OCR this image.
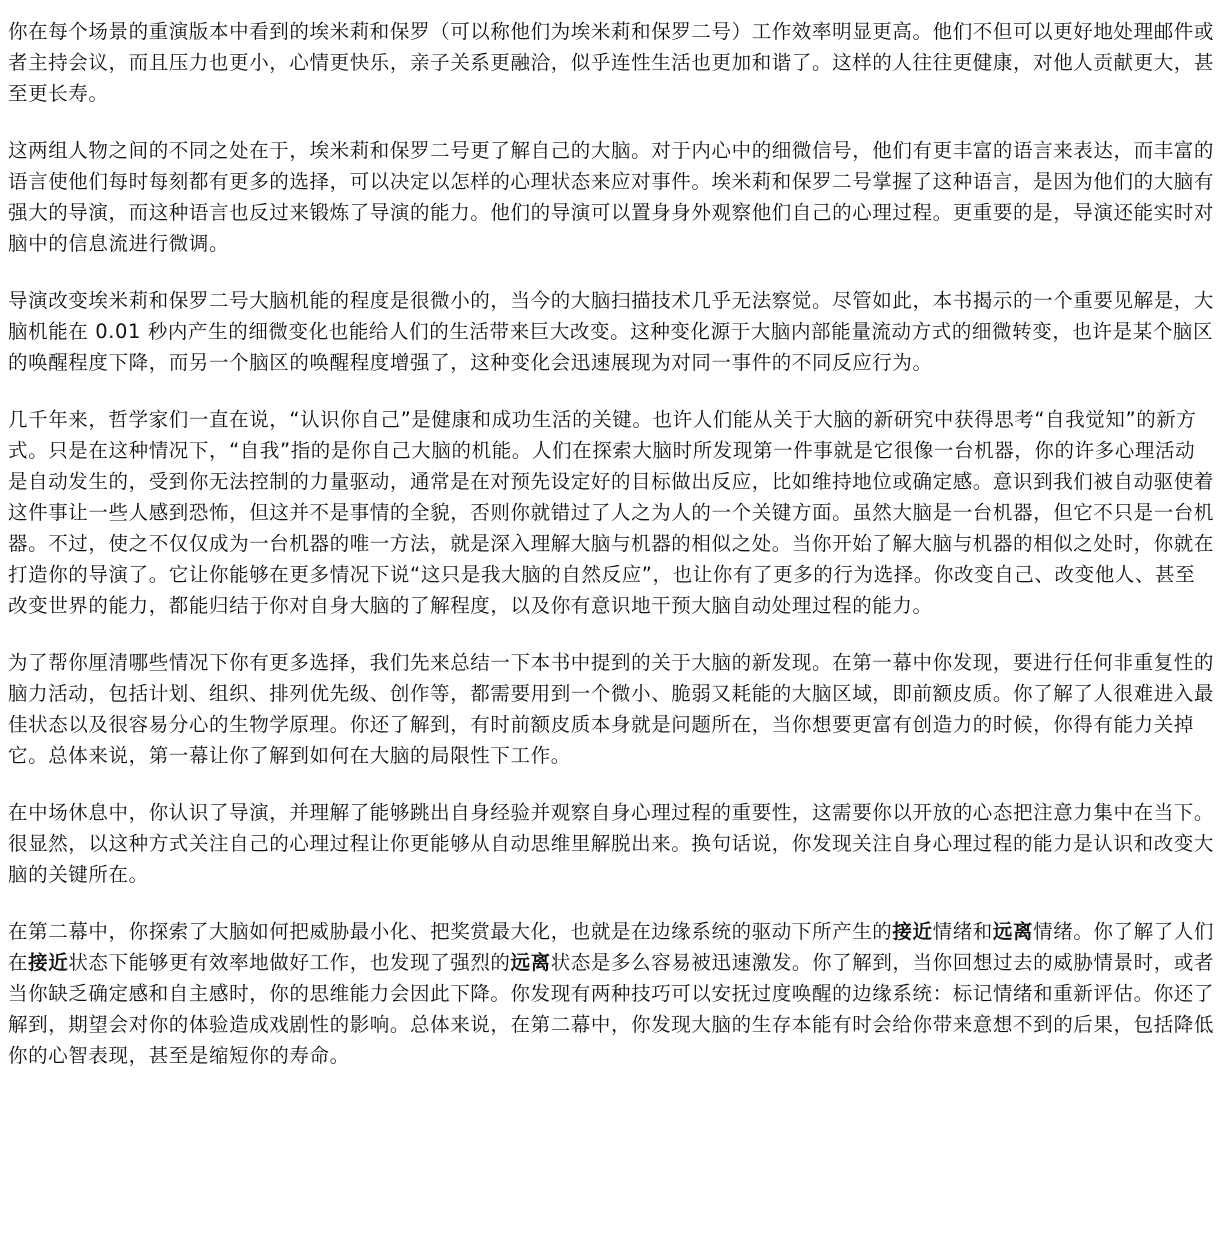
你在每个场景的重演版本中看到的埃米莉和保罗（可以称他们为埃米莉和保罗二号）工作效率明显更高。他们不但可以更好地处理邮件或者主持会议，而且压力也更小，心情更快乐，亲子关系更融洽，似乎连性生活也更加和谐了。这样的人往往更健康，对他人贡献更大，甚至更长寿。

这两组人物之间的不同之处在于，埃米莉和保罗二号更了解自己的大脑。对于内心中的细微信号，他们有更丰富的语言来表达，而丰富的语言使他们每时每刻都有更多的选择，可以决定以怎样的心理状态来应对事件。埃米莉和保罗二号掌握了这种语言，是因为他们的大脑有强大的导演，而这种语言也反过来锻炼了导演的能力。他们的导演可以置身身外观察他们自己的心理过程。更重要的是，导演还能实时对脑中的信息流进行微调。

导演改变埃米莉和保罗二号大脑机能的程度是很微小的，当今的大脑扫描技术几乎无法察觉。尽管如此，本书揭示的一个重要见解是，大脑机能在 0.01 秒内产生的细微变化也能给人们的生活带来巨大改变。这种变化源于大脑内部能量流动方式的细微转变，也许是某个脑区的唤醒程度下降，而另一个脑区的唤醒程度增强了，这种变化会迅速展现为对同一事件的不同反应行为。

几千年来，哲学家们一直在说，“认识你自己”是健康和成功生活的关键。也许人们能从关于大脑的新研究中获得思考“自我觉知”的新方式。只是在这种情况下，“自我”指的是你自己大脑的机能。人们在探索大脑时所发现第一件事就是它很像一台机器，你的许多心理活动是自动发生的，受到你无法控制的力量驱动，通常是在对预先设定好的目标做出反应，比如维持地位或确定感。意识到我们被自动驱使着这件事让一些人感到恐怖，但这并不是事情的全貌，否则你就错过了人之为人的一个关键方面。虽然大脑是一台机器，但它不只是一台机器。不过，使之不仅仅成为一台机器的唯一方法，就是深入理解大脑与机器的相似之处。当你开始了解大脑与机器的相似之处时，你就在打造你的导演了。它让你能够在更多情况下说“这只是我大脑的自然反应”，也让你有了更多的行为选择。你改变自己、改变他人、甚至改变世界的能力，都能归结于你对自身大脑的了解程度，以及你有意识地干预大脑自动处理过程的能力。

为了帮你厘清哪些情况下你有更多选择，我们先来总结一下本书中提到的关于大脑的新发现。在第一幕中你发现，要进行任何非重复性的脑力活动，包括计划、组织、排列优先级、创作等，都需要用到一个微小、脆弱又耗能的大脑区域，即前额皮质。你了解了人很难进入最佳状态以及很容易分心的生物学原理。你还了解到，有时前额皮质本身就是问题所在，当你想要更富有创造力的时候，你得有能力关掉它。总体来说，第一幕让你了解到如何在大脑的局限性下工作。

在中场休息中，你认识了导演，并理解了能够跳出自身经验并观察自身心理过程的重要性，这需要你以开放的心态把注意力集中在当下。很显然，以这种方式关注自己的心理过程让你更能够从自动思维里解脱出来。换句话说，你发现关注自身心理过程的能力是认识和改变大脑的关键所在。

在第二幕中，你探索了大脑如何把威胁最小化、把奖赏最大化，也就是在边缘系统的驱动下所产生的接近情绪和远离情绪。你了解了人们在接近状态下能够更有效率地做好工作，也发现了强烈的远离状态是多么容易被迅速激发。你了解到，当你回想过去的威胁情景时，或者当你缺乏确定感和自主感时，你的思维能力会因此下降。你发现有两种技巧可以安抚过度唤醒的边缘系统：标记情绪和重新评估。你还了解到，期望会对你的体验造成戏剧性的影响。总体来说，在第二幕中，你发现大脑的生存本能有时会给你带来意想不到的后果，包括降低你的心智表现，甚至是缩短你的寿命。
